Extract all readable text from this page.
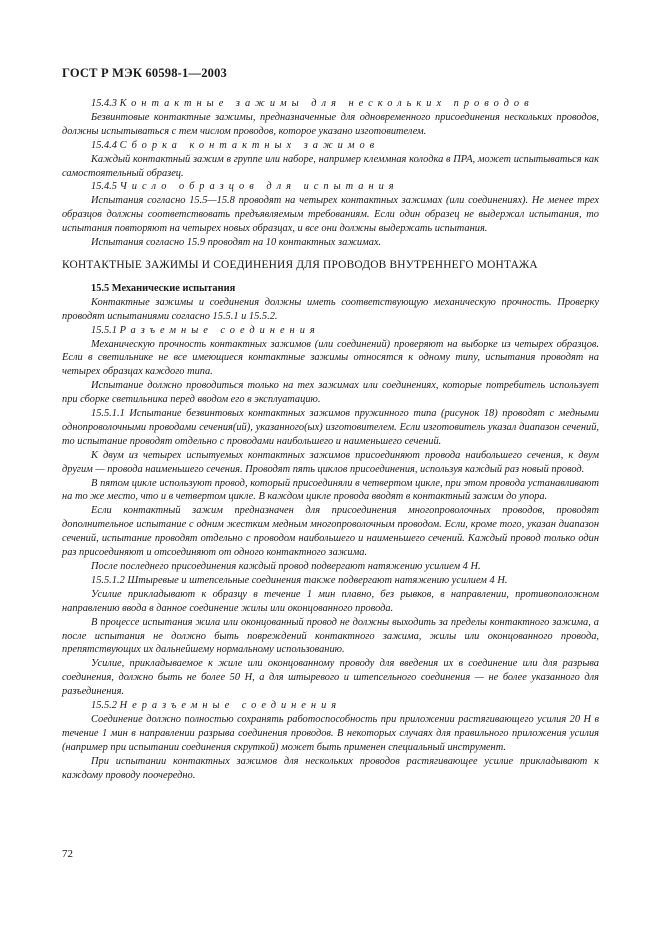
ГОСТ Р МЭК 60598-1—2003

15.4.3 Контактные зажимы для нескольких проводов

Безвинтовые контактные зажимы, предназначенные для одновременного присоединения нескольких проводов, должны испытываться с тем числом проводов, которое указано изготовителем.

15.4.4 Сборка контактных зажимов

Каждый контактный зажим в группе или наборе, например клеммная колодка в ПРА, может испытываться как самостоятельный образец.

15.4.5 Число образцов для испытания

Испытания согласно 15.5—15.8 проводят на четырех контактных зажимах (или соединениях). Не менее трех образцов должны соответствовать предъявляемым требованиям. Если один образец не выдержал испытания, то испытания повторяют на четырех новых образцах, и все они должны выдержать испытания.

Испытания согласно 15.9 проводят на 10 контактных зажимах.

КОНТАКТНЫЕ ЗАЖИМЫ И СОЕДИНЕНИЯ ДЛЯ ПРОВОДОВ ВНУТРЕННЕГО МОНТАЖА

15.5 Механические испытания

Контактные зажимы и соединения должны иметь соответствующую механическую прочность. Проверку проводят испытаниями согласно 15.5.1 и 15.5.2.

15.5.1 Разъемные соединения

Механическую прочность контактных зажимов (или соединений) проверяют на выборке из четырех образцов. Если в светильнике не все имеющиеся контактные зажимы относятся к одному типу, испытания проводят на четырех образцах каждого типа.

Испытание должно проводиться только на тех зажимах или соединениях, которые потребитель использует при сборке светильника перед вводом его в эксплуатацию.

15.5.1.1 Испытание безвинтовых контактных зажимов пружинного типа (рисунок 18) проводят с медными однопроволочными проводами сечения(ий), указанного(ых) изготовителем. Если изготовитель указал диапазон сечений, то испытание проводят отдельно с проводами наибольшего и наименьшего сечений.

К двум из четырех испытуемых контактных зажимов присоединяют провода наибольшего сечения, к двум другим — провода наименьшего сечения. Проводят пять циклов присоединения, используя каждый раз новый провод.

В пятом цикле используют провод, который присоединяли в четвертом цикле, при этом провода устанавливают на то же место, что и в четвертом цикле. В каждом цикле провода вводят в контактный зажим до упора.

Если контактный зажим предназначен для присоединения многопроволочных проводов, проводят дополнительное испытание с одним жестким медным многопроволочным проводом. Если, кроме того, указан диапазон сечений, испытание проводят отдельно с проводом наибольшего и наименьшего сечений. Каждый провод только один раз присоединяют и отсоединяют от одного контактного зажима.

После последнего присоединения каждый провод подвергают натяжению усилием 4 Н.

15.5.1.2 Штыревые и штепсельные соединения также подвергают натяжению усилием 4 Н.

Усилие прикладывают к образцу в течение 1 мин плавно, без рывков, в направлении, противоположном направлению ввода в данное соединение жилы или оконцованного провода.

В процессе испытания жила или оконцованный провод не должны выходить за пределы контактного зажима, а после испытания не должно быть повреждений контактного зажима, жилы или оконцованного провода, препятствующих их дальнейшему нормальному использованию.

Усилие, прикладываемое к жиле или оконцованному проводу для введения их в соединение или для разрыва соединения, должно быть не более 50 Н, а для штыревого и штепсельного соединения — не более указанного для разъединения.

15.5.2 Неразъемные соединения

Соединение должно полностью сохранять работоспособность при приложении растягивающего усилия 20 Н в течение 1 мин в направлении разрыва соединения проводов. В некоторых случаях для правильного приложения усилия (например при испытании соединения скруткой) может быть применен специальный инструмент.

При испытании контактных зажимов для нескольких проводов растягивающее усилие прикладывают к каждому проводу поочередно.

72
